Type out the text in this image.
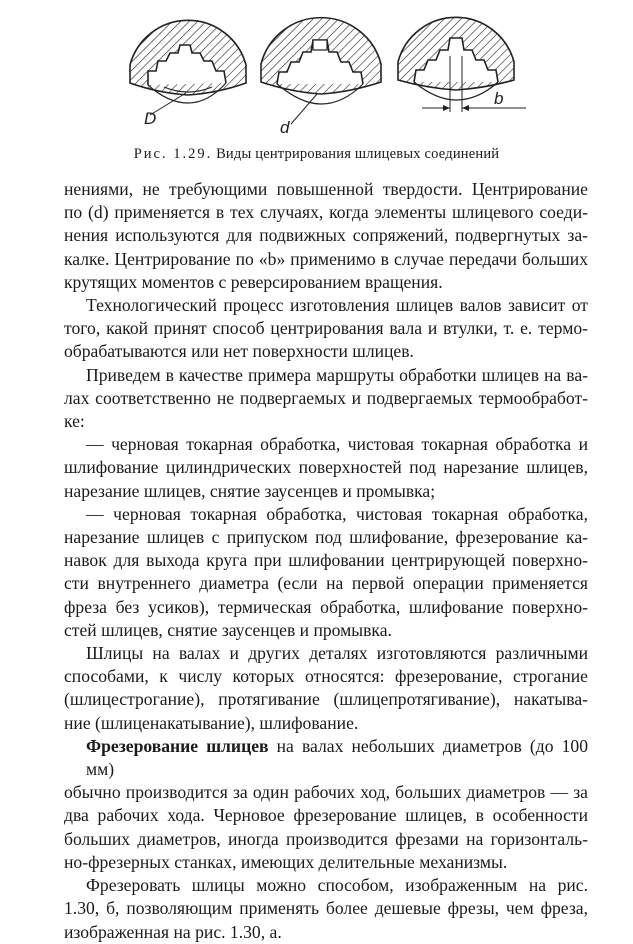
D	d
b
Рис. 1.29. Виды центрирования шлицевых соединений

нениями, не требующими повышенной твердости. Центрирование
по (d) применяется в тех случаях, когда элементы шлицевого соеди-
нения используются для подвижных сопряжений, подвергнутых за-
калке. Центрирование по «b» применимо в случае передачи больших
крутящих моментов с реверсированием вращения.

Технологический процесс изготовления шлицев валов зависит от
того, какой принят способ центрирования вала и втулки, т. е. термо-
обрабатываются или нет поверхности шлицев.

Приведем в качестве примера маршруты обработки шлицев на ва-
лах соответственно не подвергаемых и подвергаемых термообработ-
ке:

— черновая токарная обработка, чистовая токарная обработка и
шлифование цилиндрических поверхностей под нарезание шлицев,
нарезание шлицев, снятие заусенцев и промывка;

— черновая токарная обработка, чистовая токарная обработка,
нарезание шлицев с припуском под шлифование, фрезерование ка-
навок для выхода круга при шлифовании центрирующей поверхно-
сти внутреннего диаметра (если на первой операции применяется
фреза без усиков), термическая обработка, шлифование поверхно-
стей шлицев, снятие заусенцев и промывка.

Шлицы на валах и других деталях изготовляются различными
способами, к числу которых относятся: фрезерование, строгание
(шлицестрогание), протягивание (шлицепротягивание), накатыва-
ние (шлиценакатывание), шлифование.

Фрезерование шлицев на валах небольших диаметров (до 100 мм)
обычно производится за один рабочих ход, больших диаметров — за
два рабочих хода. Черновое фрезерование шлицев, в особенности
больших диаметров, иногда производится фрезами на горизонталь-
но-фрезерных станках, имеющих делительные механизмы.

Фрезеровать шлицы можно способом, изображенным на рис.
1.30, б, позволяющим применять более дешевые фрезы, чем фреза,
изображенная на рис. 1.30, а.
